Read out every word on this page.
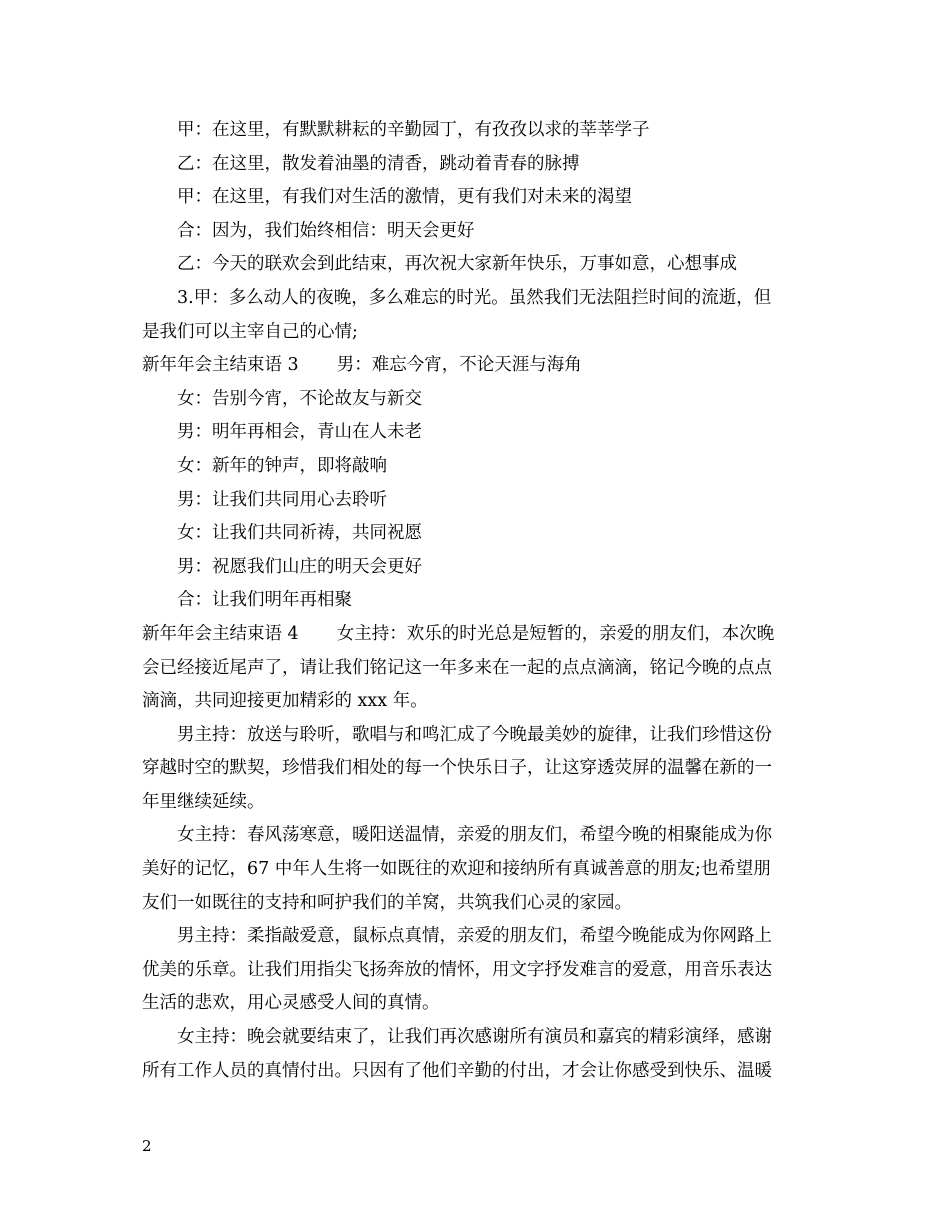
甲：在这里，有默默耕耘的辛勤园丁，有孜孜以求的莘莘学子
乙：在这里，散发着油墨的清香，跳动着青春的脉搏
甲：在这里，有我们对生活的激情，更有我们对未来的渴望
合：因为，我们始终相信：明天会更好
乙：今天的联欢会到此结束，再次祝大家新年快乐，万事如意，心想事成
3.甲：多么动人的夜晚，多么难忘的时光。虽然我们无法阻拦时间的流逝，但
是我们可以主宰自己的心情;
新年年会主结束语 3 男：难忘今宵，不论天涯与海角
女：告别今宵，不论故友与新交
男：明年再相会，青山在人未老
女：新年的钟声，即将敲响
男：让我们共同用心去聆听
女：让我们共同祈祷，共同祝愿
男：祝愿我们山庄的明天会更好
合：让我们明年再相聚
新年年会主结束语 4 女主持：欢乐的时光总是短暂的，亲爱的朋友们，本次晚
会已经接近尾声了，请让我们铭记这一年多来在一起的点点滴滴，铭记今晚的点点
滴滴，共同迎接更加精彩的 xxx 年。
男主持：放送与聆听，歌唱与和鸣汇成了今晚最美妙的旋律，让我们珍惜这份
穿越时空的默契，珍惜我们相处的每一个快乐日子，让这穿透荧屏的温馨在新的一
年里继续延续。
女主持：春风荡寒意，暖阳送温情，亲爱的朋友们，希望今晚的相聚能成为你
美好的记忆，67 中年人生将一如既往的欢迎和接纳所有真诚善意的朋友;也希望朋
友们一如既往的支持和呵护我们的羊窝，共筑我们心灵的家园。
男主持：柔指敲爱意，鼠标点真情，亲爱的朋友们，希望今晚能成为你网路上
优美的乐章。让我们用指尖飞扬奔放的情怀，用文字抒发难言的爱意，用音乐表达
生活的悲欢，用心灵感受人间的真情。
女主持：晚会就要结束了，让我们再次感谢所有演员和嘉宾的精彩演绎，感谢
所有工作人员的真情付出。只因有了他们辛勤的付出，才会让你感受到快乐、温暖
2
